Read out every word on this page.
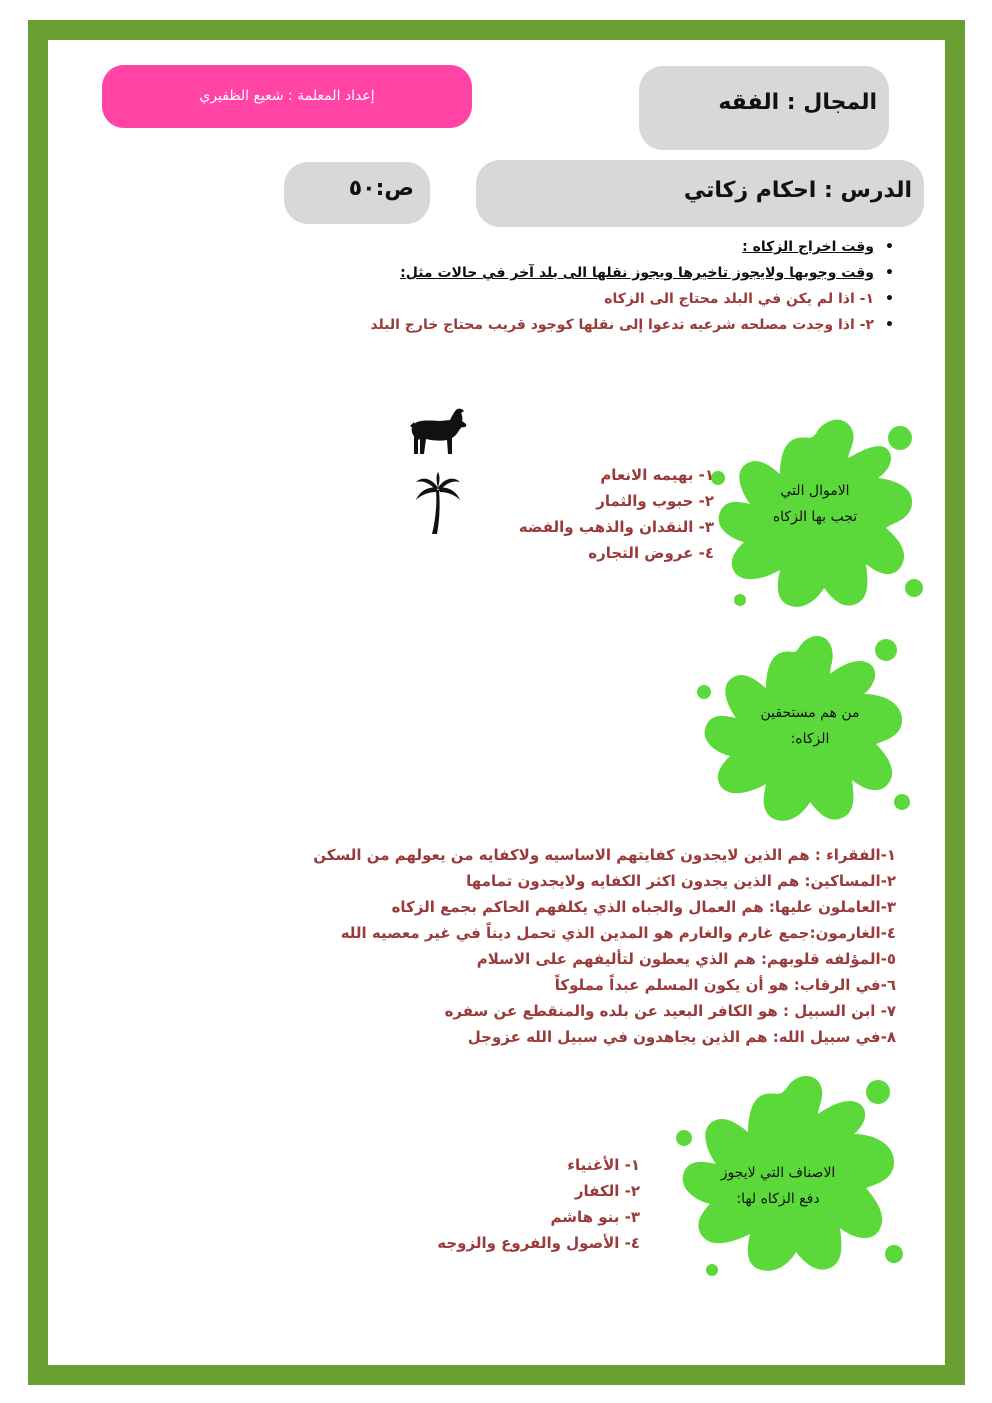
إعداد المعلمة : شعيع الظفيري	المجال : الفقه
الدرس : احكام زكاتي
ص:٥٠
• وقت اخراج الزكاه :
• وقت وجوبها ولايجوز تاخيرها ويجوز نقلها الى بلد آخر في حالات مثل:
• ١- اذا لم يكن في البلد محتاج الى الزكاه
• ٢- اذا وجدت مصلحه شرعيه تدعوا إلى نقلها كوجود قريب محتاج خارج البلد
الاموال التي
تجب بها الزكاه
١- بهيمه الانعام
٢- حبوب والثمار
٣- النقدان والذهب والفضه
٤- عروض التجاره
من هم مستحقين
الزكاه:
١-الفقراء : هم الذين لايجدون كفايتهم الاساسيه ولاكفايه من يعولهم من السكن
٢-المساكين: هم الذين يجدون اكثر الكفايه ولايجدون تمامها
٣-العاملون عليها: هم العمال والجباه الذي يكلفهم الحاكم بجمع الزكاه
٤-الغارمون:جمع غارم والغارم هو المدين الذي تحمل ديناً في غير معصيه الله
٥-المؤلفه قلوبهم: هم الذي يعطون لتأليفهم على الاسلام
٦-في الرقاب: هو أن يكون المسلم عبداً مملوكاً
٧- ابن السبيل : هو الكافر البعيد عن بلده والمنقطع عن سفره
٨-في سبيل الله: هم الذين يجاهدون في سبيل الله عزوجل
الاصناف التي لايجوز
دفع الزكاه لها:
١- الأغنياء
٢- الكفار
٣- بنو هاشم
٤- الأصول والفروع والزوجه
